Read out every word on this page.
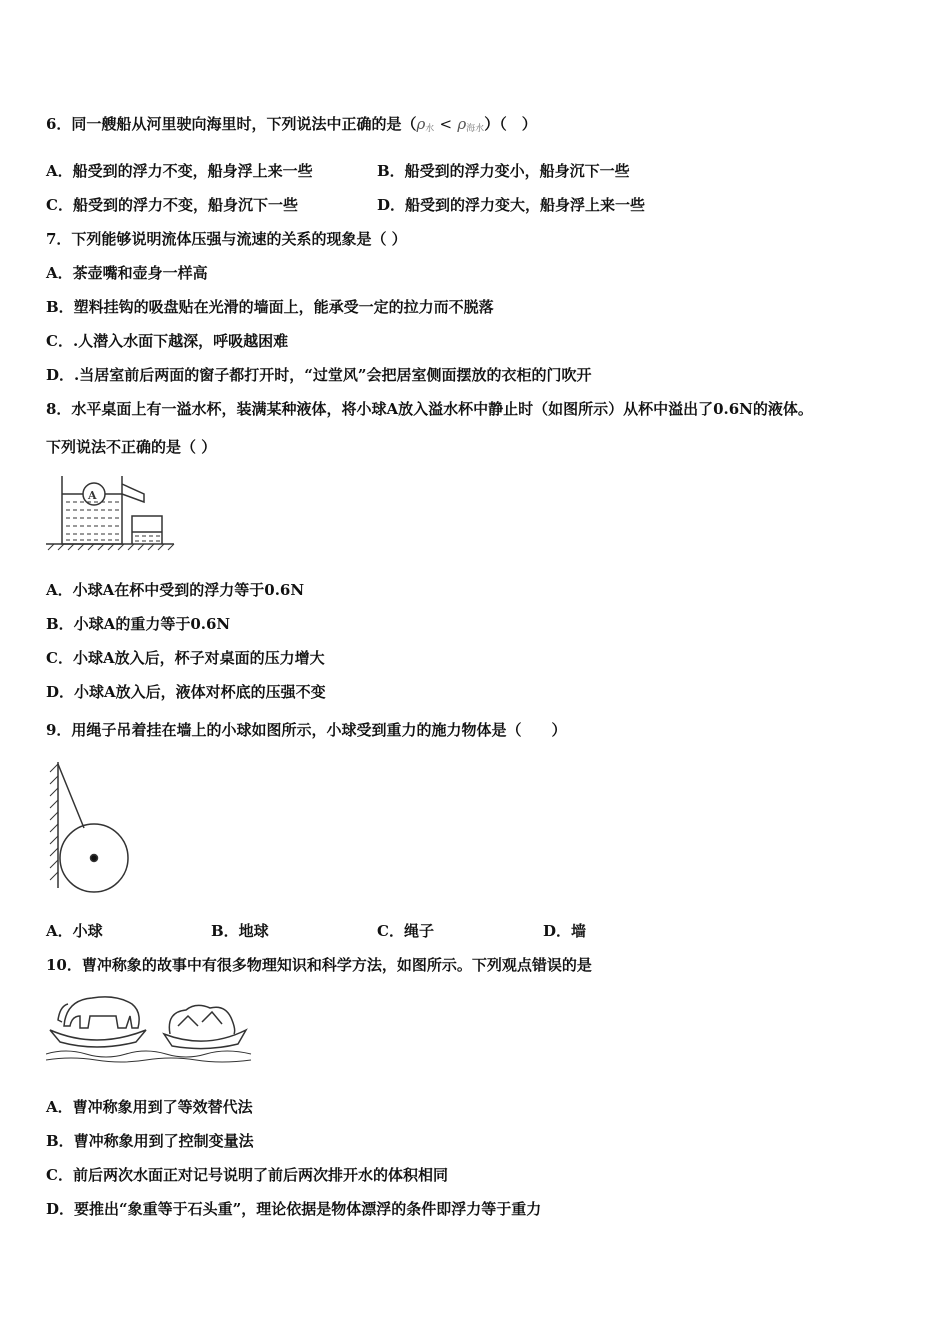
6．同一艘船从河里驶向海里时，下列说法中正确的是$(\rho_水 < \rho_{海水})$（　）
A．船受到的浮力不变，船身浮上来一些	B．船受到的浮力变小，船身沉下一些
C．船受到的浮力不变，船身沉下一些	D．船受到的浮力变大，船身浮上来一些
7．下列能够说明流体压强与流速的关系的现象是（ ）
A．茶壶嘴和壶身一样高
B．塑料挂钩的吸盘贴在光滑的墙面上，能承受一定的拉力而不脱落
C．.人潜入水面下越深，呼吸越困难
D．.当居室前后两面的窗子都打开时，“过堂风”会把居室侧面摆放的衣柜的门吹开
8．水平桌面上有一溢水杯，装满某种液体，将小球A放入溢水杯中静止时（如图所示）从杯中溢出了0.6N的液体。
下列说法不正确的是（ ）
A
A．小球A在杯中受到的浮力等于0.6N
B．小球A的重力等于0.6N
C．小球A放入后，杯子对桌面的压力增大
D．小球A放入后，液体对杯底的压强不变
9．用绳子吊着挂在墙上的小球如图所示，小球受到重力的施力物体是（　　）
A．小球	B．地球	C．绳子	D．墙
10．曹冲称象的故事中有很多物理知识和科学方法，如图所示。下列观点错误的是
A．曹冲称象用到了等效替代法
B．曹冲称象用到了控制变量法
C．前后两次水面正对记号说明了前后两次排开水的体积相同
D．要推出“象重等于石头重”，理论依据是物体漂浮的条件即浮力等于重力
